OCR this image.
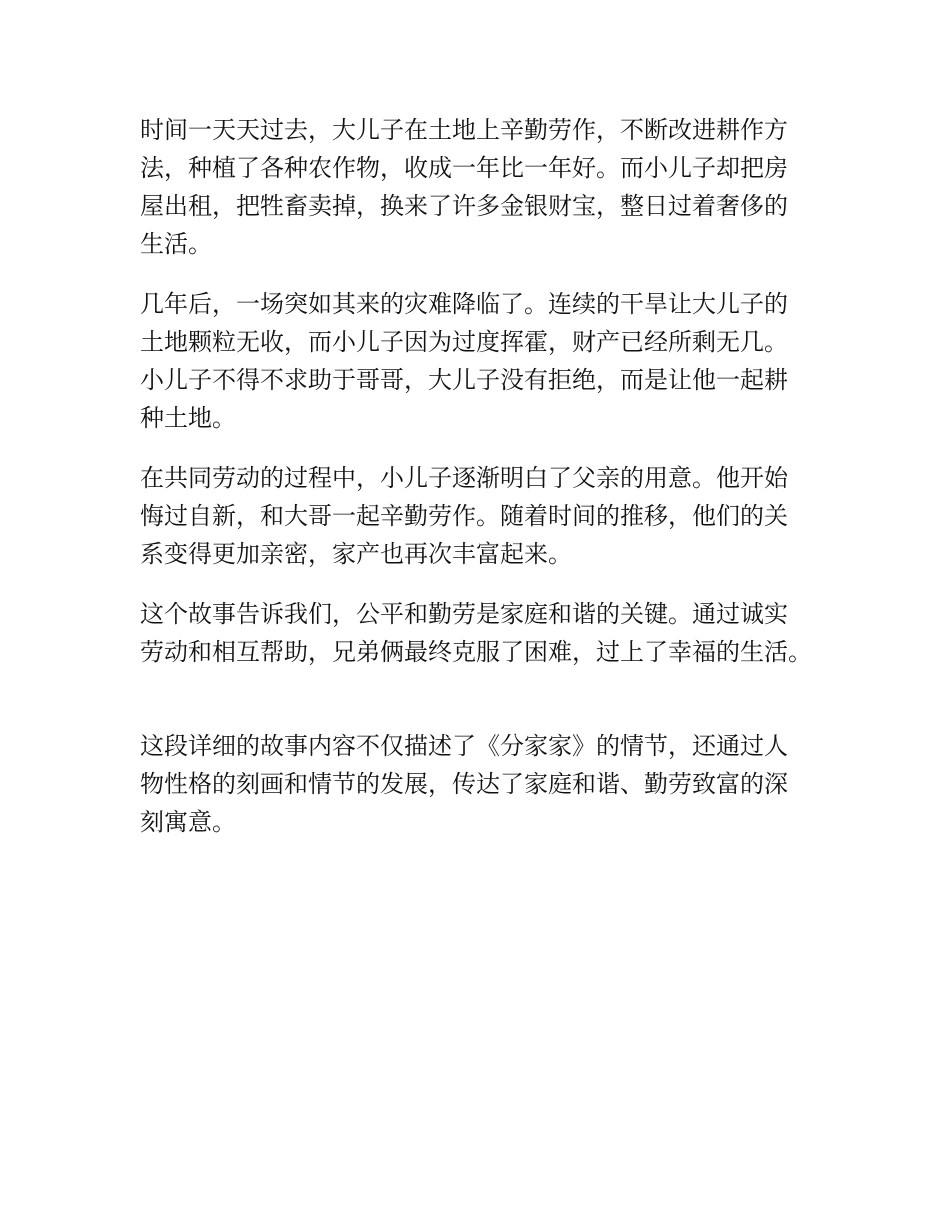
时间一天天过去，大儿子在土地上辛勤劳作，不断改进耕作方
法，种植了各种农作物，收成一年比一年好。而小儿子却把房
屋出租，把牲畜卖掉，换来了许多金银财宝，整日过着奢侈的
生活。

几年后，一场突如其来的灾难降临了。连续的干旱让大儿子的
土地颗粒无收，而小儿子因为过度挥霍，财产已经所剩无几。
小儿子不得不求助于哥哥，大儿子没有拒绝，而是让他一起耕
种土地。

在共同劳动的过程中，小儿子逐渐明白了父亲的用意。他开始
悔过自新，和大哥一起辛勤劳作。随着时间的推移，他们的关
系变得更加亲密，家产也再次丰富起来。

这个故事告诉我们，公平和勤劳是家庭和谐的关键。通过诚实
劳动和相互帮助，兄弟俩最终克服了困难，过上了幸福的生活。

这段详细的故事内容不仅描述了《分家家》的情节，还通过人
物性格的刻画和情节的发展，传达了家庭和谐、勤劳致富的深
刻寓意。
